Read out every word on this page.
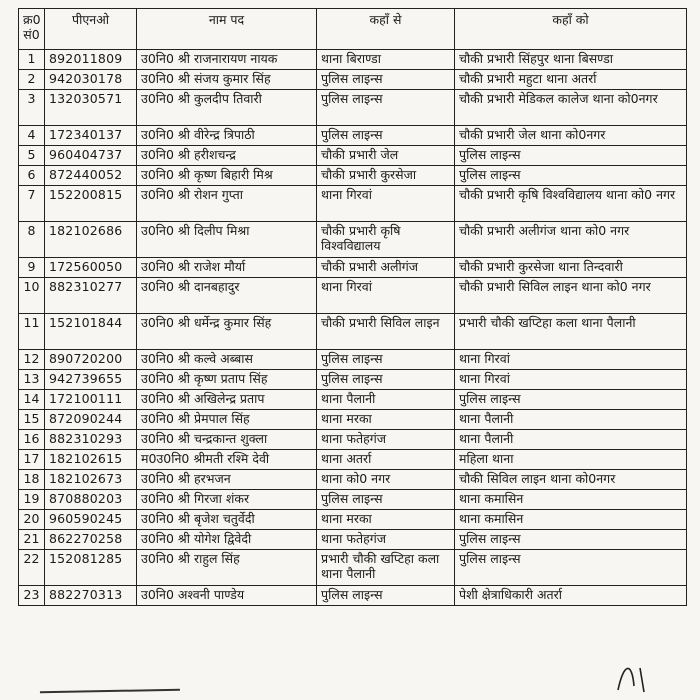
क्र0 सं0	पीएनओ	नाम पद	कहाँ से	कहाँ को
1	892011809	उ0नि0 श्री राजनारायण नायक	थाना बिराण्डा	चौकी प्रभारी सिंहपुर थाना बिसण्डा
2	942030178	उ0नि0 श्री संजय कुमार सिंह	पुलिस लाइन्स	चौकी प्रभारी महुटा थाना अतर्रा
3	132030571	उ0नि0 श्री कुलदीप तिवारी	पुलिस लाइन्स	चौकी प्रभारी मेडिकल कालेज थाना को0नगर
4	172340137	उ0नि0 श्री वीरेन्द्र त्रिपाठी	पुलिस लाइन्स	चौकी प्रभारी जेल थाना को0नगर
5	960404737	उ0नि0 श्री हरीशचन्द्र	चौकी प्रभारी जेल	पुलिस लाइन्स
6	872440052	उ0नि0 श्री कृष्ण बिहारी मिश्र	चौकी प्रभारी कुरसेजा	पुलिस लाइन्स
7	152200815	उ0नि0 श्री रोशन गुप्ता	थाना गिरवां	चौकी प्रभारी कृषि विश्वविद्यालय थाना को0 नगर
8	182102686	उ0नि0 श्री दिलीप मिश्रा	चौकी प्रभारी कृषि विश्वविद्यालय	चौकी प्रभारी अलीगंज थाना को0 नगर
9	172560050	उ0नि0 श्री राजेश मौर्या	चौकी प्रभारी अलीगंज	चौकी प्रभारी कुरसेजा थाना तिन्दवारी
10	882310277	उ0नि0 श्री दानबहादुर	थाना गिरवां	चौकी प्रभारी सिविल लाइन थाना को0 नगर
11	152101844	उ0नि0 श्री धर्मेन्द्र कुमार सिंह	चौकी प्रभारी सिविल लाइन	प्रभारी चौकी खप्टिहा कला थाना पैलानी
12	890720200	उ0नि0 श्री कल्वे अब्बास	पुलिस लाइन्स	थाना गिरवां
13	942739655	उ0नि0 श्री कृष्ण प्रताप सिंह	पुलिस लाइन्स	थाना गिरवां
14	172100111	उ0नि0 श्री अखिलेन्द्र प्रताप	थाना पैलानी	पुलिस लाइन्स
15	872090244	उ0नि0 श्री प्रेमपाल सिंह	थाना मरका	थाना पैलानी
16	882310293	उ0नि0 श्री चन्द्रकान्त शुक्ला	थाना फतेहगंज	थाना पैलानी
17	182102615	म0उ0नि0 श्रीमती रश्मि देवी	थाना अतर्रा	महिला थाना
18	182102673	उ0नि0 श्री हरभजन	थाना को0 नगर	चौकी सिविल लाइन थाना को0नगर
19	870880203	उ0नि0 श्री गिरजा शंकर	पुलिस लाइन्स	थाना कमासिन
20	960590245	उ0नि0 श्री बृजेश चतुर्वेदी	थाना मरका	थाना कमासिन
21	862270258	उ0नि0 श्री योगेश द्विवेदी	थाना फतेहगंज	पुलिस लाइन्स
22	152081285	उ0नि0 श्री राहुल सिंह	प्रभारी चौकी खप्टिहा कला थाना पैलानी	पुलिस लाइन्स
23	882270313	उ0नि0 अश्वनी पाण्डेय	पुलिस लाइन्स	पेशी क्षेत्राधिकारी अतर्रा
